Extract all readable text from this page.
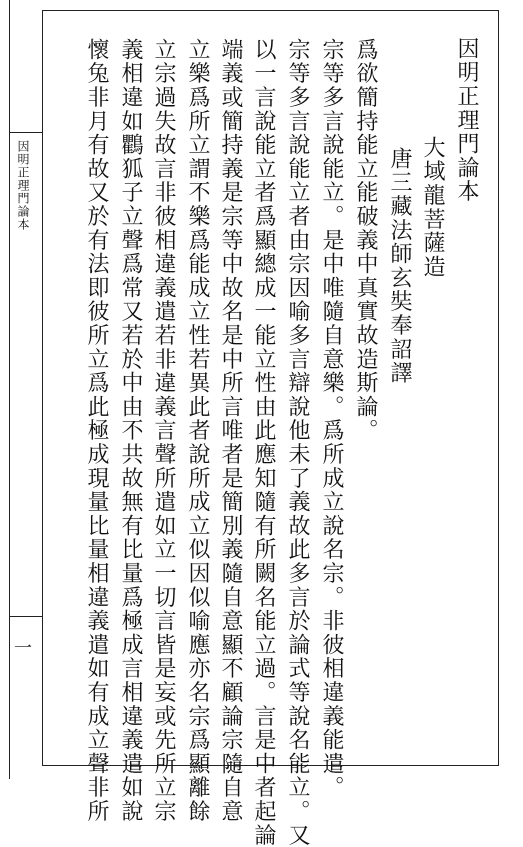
因明正理門論本
一
因明正理門論本
大域龍菩薩造
唐三藏法師玄奘奉詔譯
爲欲簡持能立能破義中真實故造斯論。
宗等多言說能立。是中唯隨自意樂。爲所成立說名宗。非彼相違義能遣。
宗等多言說能立者由宗因喻多言辯說他未了義故此多言於論式等說名能立。又
以一言說能立者爲顯總成一能立性由此應知隨有所闕名能立過。言是中者起論
端義或簡持義是宗等中故名是中所言唯者是簡別義隨自意顯不顧論宗隨自意
立樂爲所立謂不樂爲能成立性若異此者說所成立似因似喻應亦名宗爲顯離餘
立宗過失故言非彼相違義遣若非違義言聲所遣如立一切言皆是妄或先所立宗
義相違如鸜狐子立聲爲常又若於中由不共故無有比量爲極成言相違義遣如說
懷兔非月有故又於有法即彼所立爲此極成現量比量相違義遣如有成立聲非所
